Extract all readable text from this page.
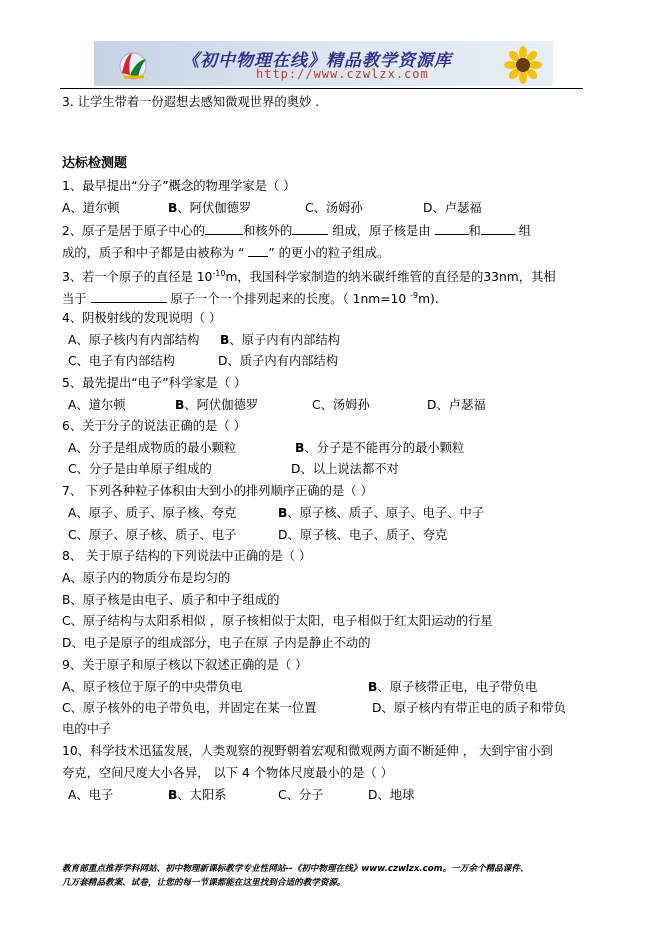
《初中物理在线》精品教学资源库
http://www.czwlzx.com
3. 让学生带着一份遐想去感知微观世界的奥妙 .
达标检测题
1、最早提出“分子”概念的物理学家是（ ）
A、道尔顿	B、阿伏伽德罗	C、汤姆孙	D、卢瑟福
2、原子是居于原子中心的	和核外的	组成，原子核是由	和	组
成的，质子和中子都是由被称为 “ ” 的更小的粒子组成。
3、若一个原子的直径是 $10^{-10}m$，我国科学家制造的纳米碳纤维管的直径是的33nm，其相
当于	原子一个一个排列起来的长度。（ 1nm=10 $^{-9}$m).
4、阴极射线的发现说明（ ）
A、原子核内有内部结构 B、原子内有内部结构
C、电子有内部结构	D、质子内有内部结构
5、最先提出“电子”科学家是（ ）
A、道尔顿	B、阿伏伽德罗	C、汤姆孙	D、卢瑟福
6、关于分子的说法正确的是（ ）
A、分子是组成物质的最小颗粒	B、分子是不能再分的最小颗粒
C、分子是由单原子组成的	D、以上说法都不对
7、 下列各种粒子体积由大到小的排列顺序正确的是（ ）
A、原子、质子、原子核、夸克	B、原子核、质子、原子、电子、中子
C、原子、原子核、质子、电子	D、原子核、电子、质子、夸克
8、 关于原子结构的下列说法中正确的是（ ）
A、原子内的物质分布是均匀的
B、原子核是由电子、质子和中子组成的
C、原子结构与太阳系相似 ，原子核相似于太阳，电子相似于红太阳运动的行星
D、电子是原子的组成部分，电子在原 子内是静止不动的
9、关于原子和原子核以下叙述正确的是（ ）
A、原子核位于原子的中央带负电	B、原子核带正电，电子带负电
C、原子核外的电子带负电，并固定在某一位置	D、原子核内有带正电的质子和带负
电的中子
10、科学技术迅猛发展，人类观察的视野朝着宏观和微观两方面不断延伸 ， 大到宇宙小到
夸克，空间尺度大小各异， 以下 4 个物体尺度最小的是（ ）
A、电子	B、太阳系	C、分子	D、地球
教育部重点推荐学科网站、初中物理新课标教学专业性网站--《初中物理在线》www.czwlzx.com。一万余个精品课件、
几万套精品教案、试卷，让您的每一节课都能在这里找到合适的教学资源。
